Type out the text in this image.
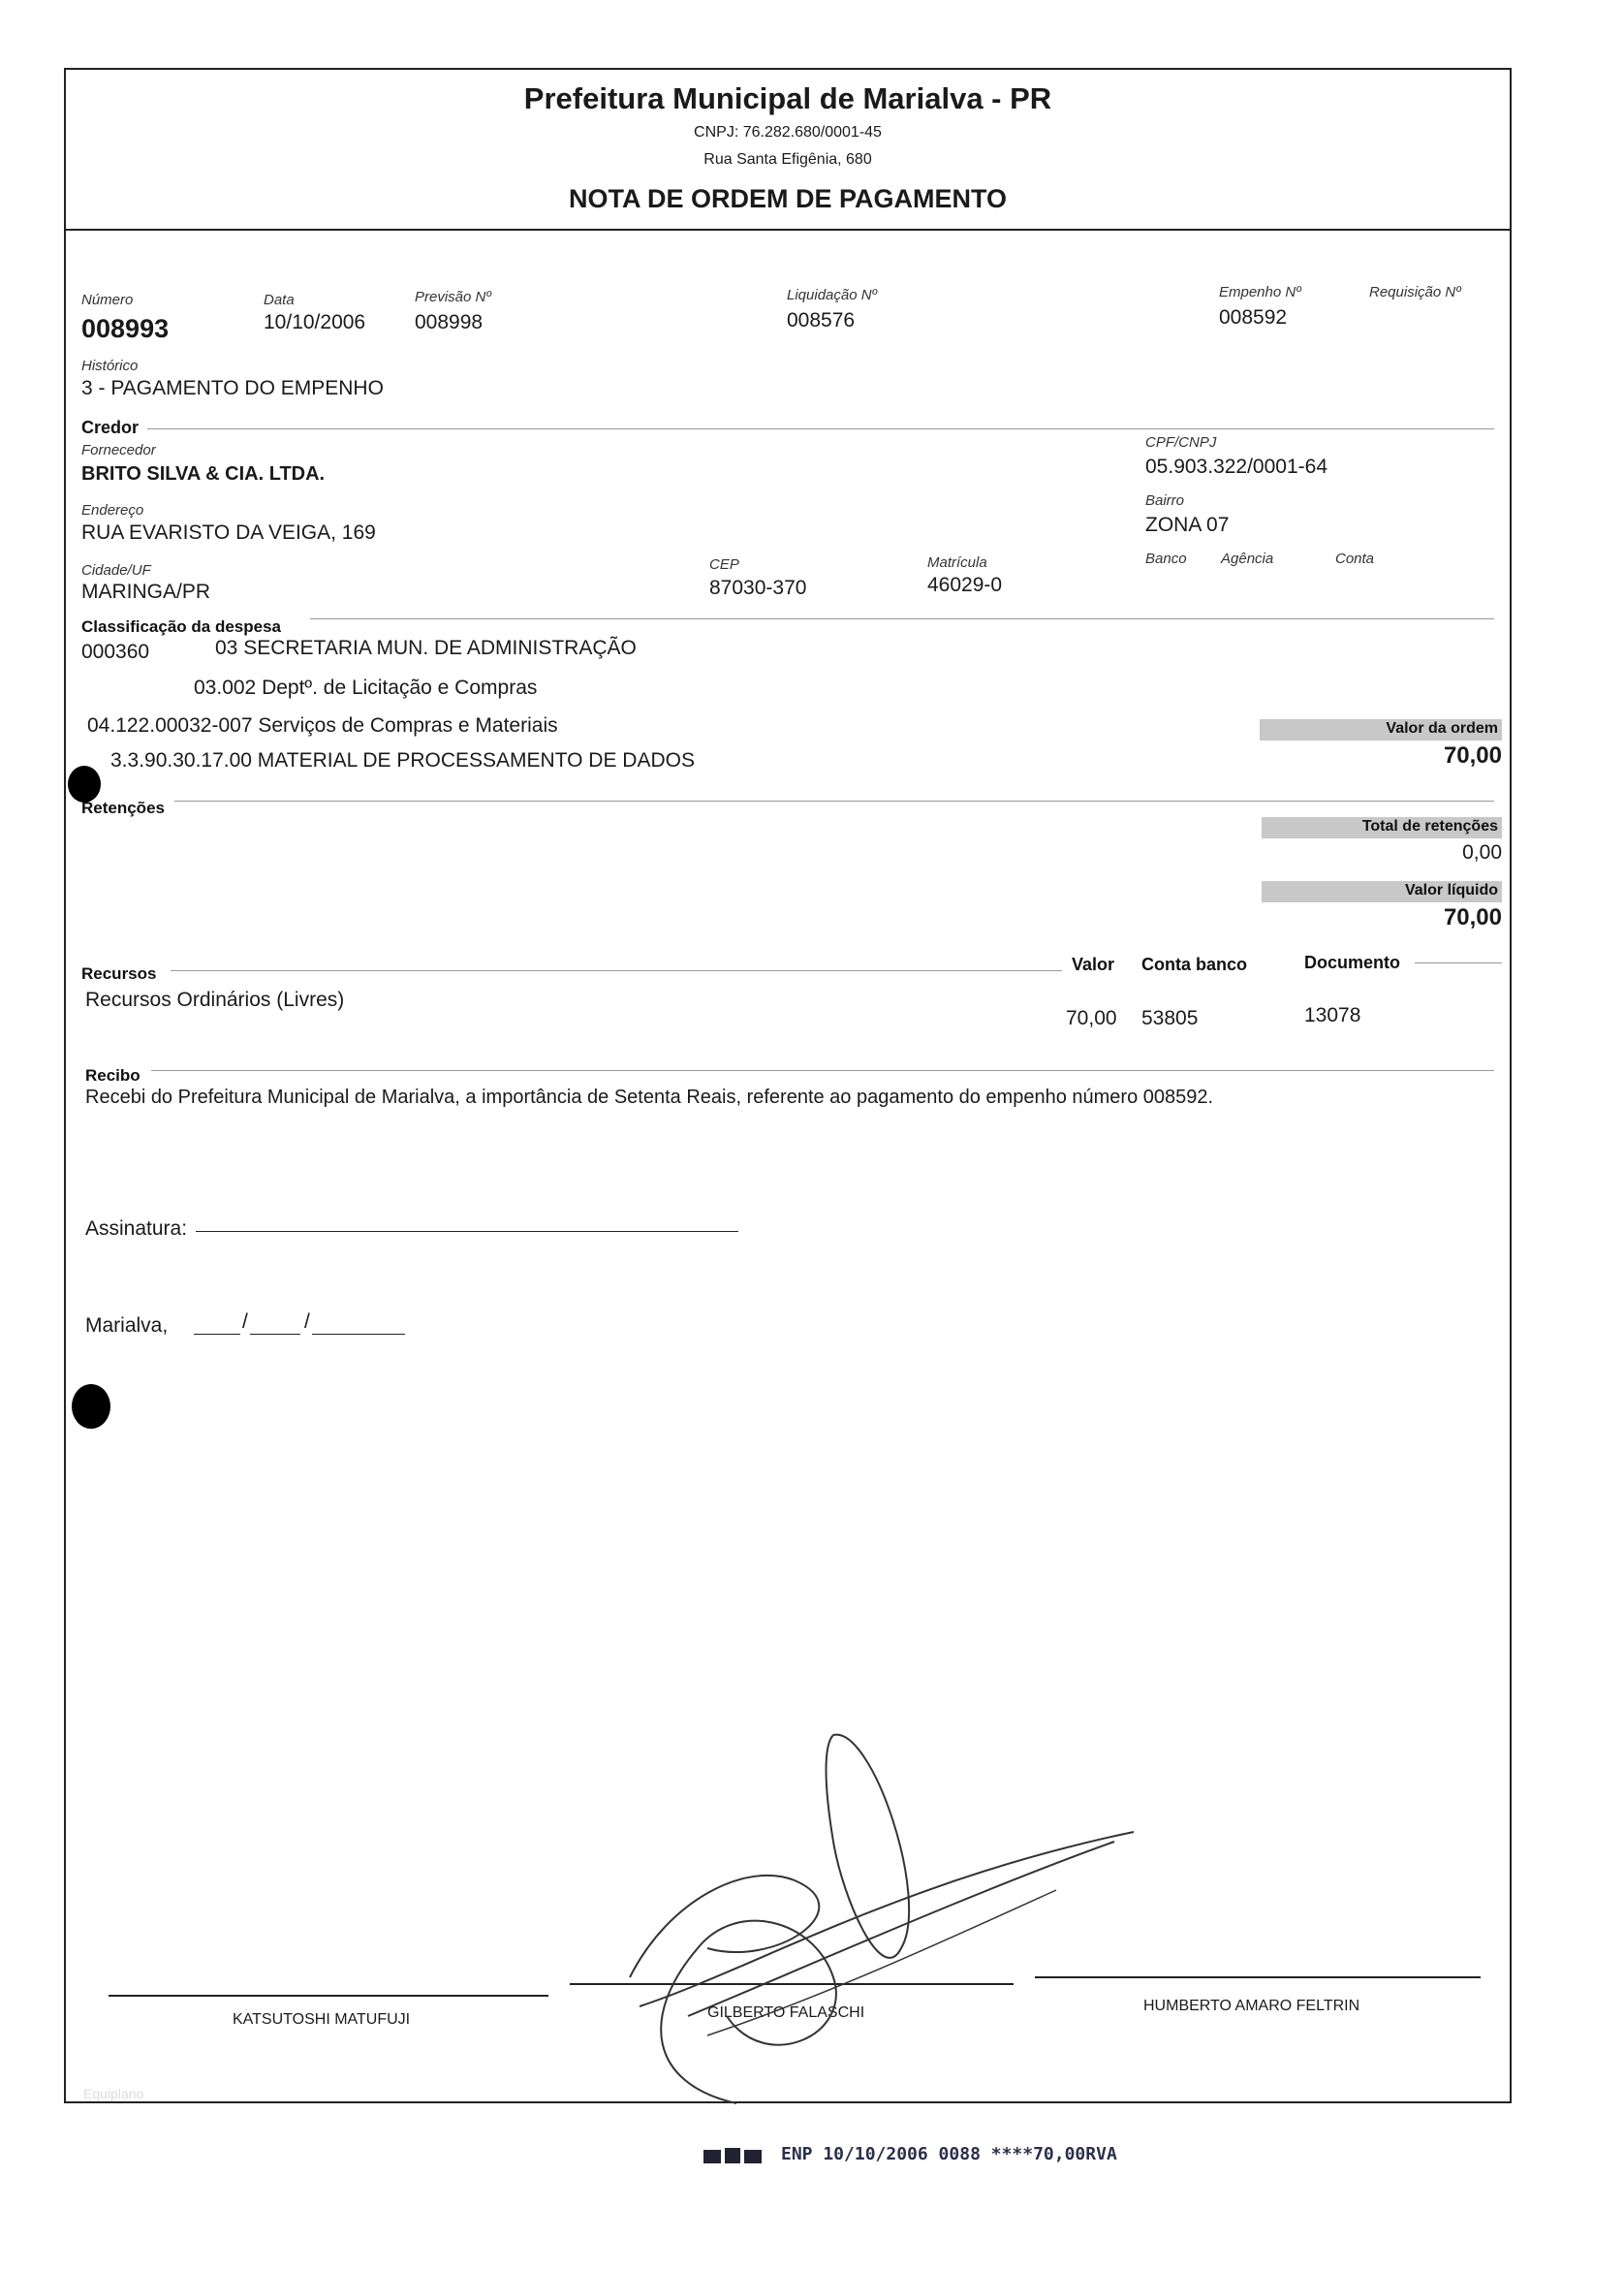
Prefeitura Municipal de Marialva - PR
CNPJ: 76.282.680/0001-45
Rua Santa Efigênia, 680
NOTA DE ORDEM DE PAGAMENTO
Número
008993
Data
10/10/2006
Previsão Nº
008998
Liquidação Nº
008576
Empenho Nº
008592
Requisição Nº
Histórico
3 - PAGAMENTO DO EMPENHO
Credor
Fornecedor
BRITO SILVA & CIA. LTDA.
CPF/CNPJ
05.903.322/0001-64
Endereço
RUA EVARISTO DA VEIGA, 169
Bairro
ZONA 07
Cidade/UF
MARINGA/PR
CEP
87030-370
Matrícula
46029-0
Banco Agência	Conta
Classificação da despesa
000360	03 SECRETARIA MUN. DE ADMINISTRAÇÃO
03.002 Deptº. de Licitação e Compras
04.122.00032-007 Serviços de Compras e Materiais
3.3.90.30.17.00 MATERIAL DE PROCESSAMENTO DE DADOS
Valor da ordem
70,00
Retenções
Total de retenções
0,00
Valor líquido
70,00
Recursos	Valor Conta banco	Documento
Recursos Ordinários (Livres)
70,00 53805	13078
Recibo
Recebi do Prefeitura Municipal de Marialva, a importância de Setenta Reais, referente ao pagamento do empenho número 008592.
Assinatura:
Marialva,	/	/
KATSUTOSHI MATUFUJI	GILBERTO FALASCHI	HUMBERTO AMARO FELTRIN
Equiplano
ENP 10/10/2006 0088 ****70,00RVA
